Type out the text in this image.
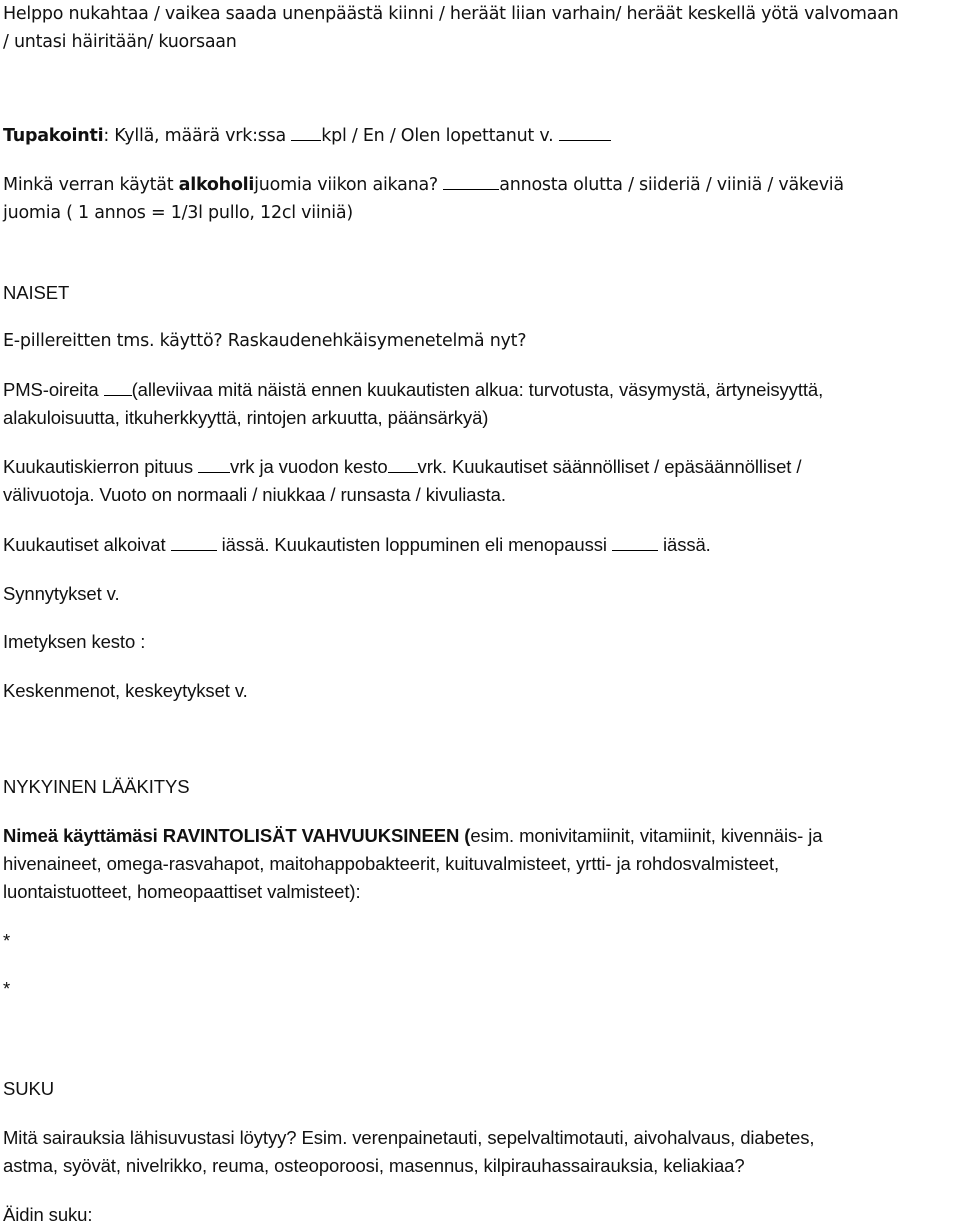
Helppo nukahtaa / vaikea saada unenpäästä kiinni / heräät liian varhain/ heräät keskellä yötä valvomaan
/ untasi häiritään/ kuorsaan

Tupakointi: Kyllä, määrä vrk:ssa kpl / En / Olen lopettanut v.

Minkä verran käytät alkoholijuomia viikon aikana?	annosta olutta / siideriä / viiniä / väkeviä
juomia ( 1 annos = 1/3l pullo, 12cl viiniä)

NAISET

E-pillereitten tms. käyttö? Raskaudenehkäisymenetelmä nyt?

PMS-oireita (alleviivaa mitä näistä ennen kuukautisten alkua: turvotusta, väsymystä, ärtyneisyyttä,
alakuloisuutta, itkuherkkyyttä, rintojen arkuutta, päänsärkyä)

Kuukautiskierron pituus vrk ja vuodon kesto vrk. Kuukautiset säännölliset / epäsäännölliset /
välivuotoja. Vuoto on normaali / niukkaa / runsasta / kivuliasta.

Kuukautiset alkoivat  iässä. Kuukautisten loppuminen eli menopaussi  iässä.

Synnytykset v.

Imetyksen kesto :

Keskenmenot, keskeytykset v.

NYKYINEN LÄÄKITYS

Nimeä käyttämäsi RAVINTOLISÄT VAHVUUKSINEEN (esim. monivitamiinit, vitamiinit, kivennäis- ja
hivenaineet, omega-rasvahapot, maitohappobakteerit, kuituvalmisteet, yrtti- ja rohdosvalmisteet,
luontaistuotteet, homeopaattiset valmisteet):

*

*

SUKU

Mitä sairauksia lähisuvustasi löytyy? Esim. verenpainetauti, sepelvaltimotauti, aivohalvaus, diabetes,
astma, syövät, nivelrikko, reuma, osteoporoosi, masennus, kilpirauhassairauksia, keliakiaa?

Äidin suku:
